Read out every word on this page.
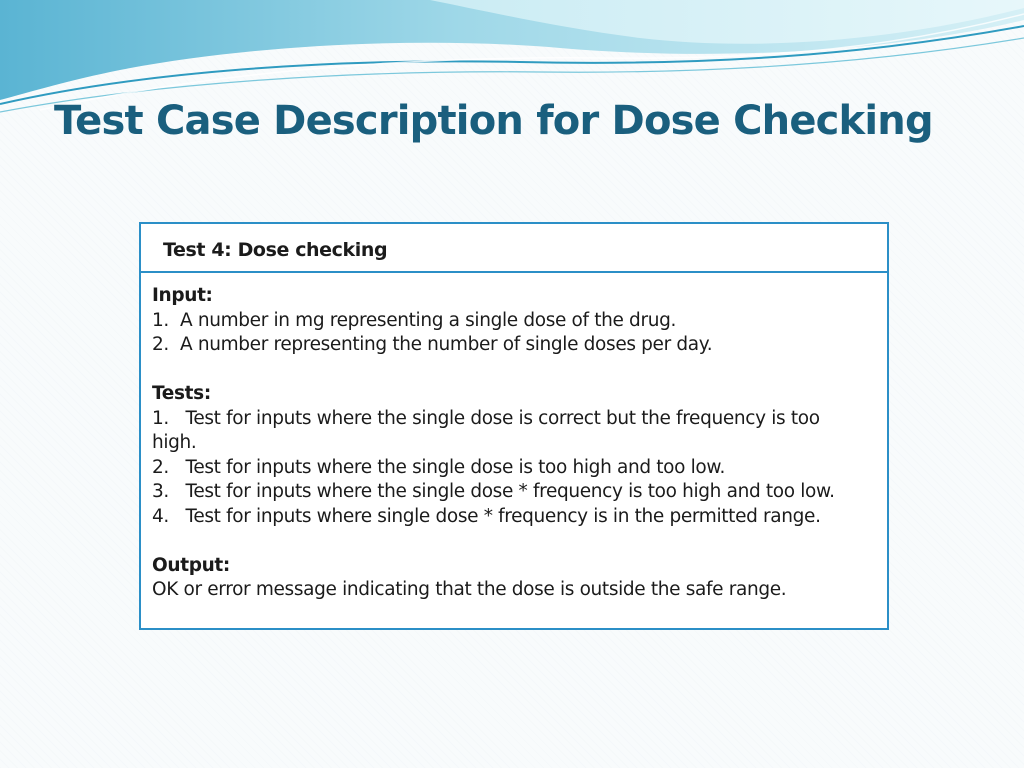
Test Case Description for Dose Checking
Test 4: Dose checking
Input:
1. A number in mg representing a single dose of the drug.
2. A number representing the number of single doses per day.
Tests:
1. Test for inputs where the single dose is correct but the frequency is too
high.
2. Test for inputs where the single dose is too high and too low.
3. Test for inputs where the single dose * frequency is too high and too low.
4. Test for inputs where single dose * frequency is in the permitted range.
Output:
OK or error message indicating that the dose is outside the safe range.
